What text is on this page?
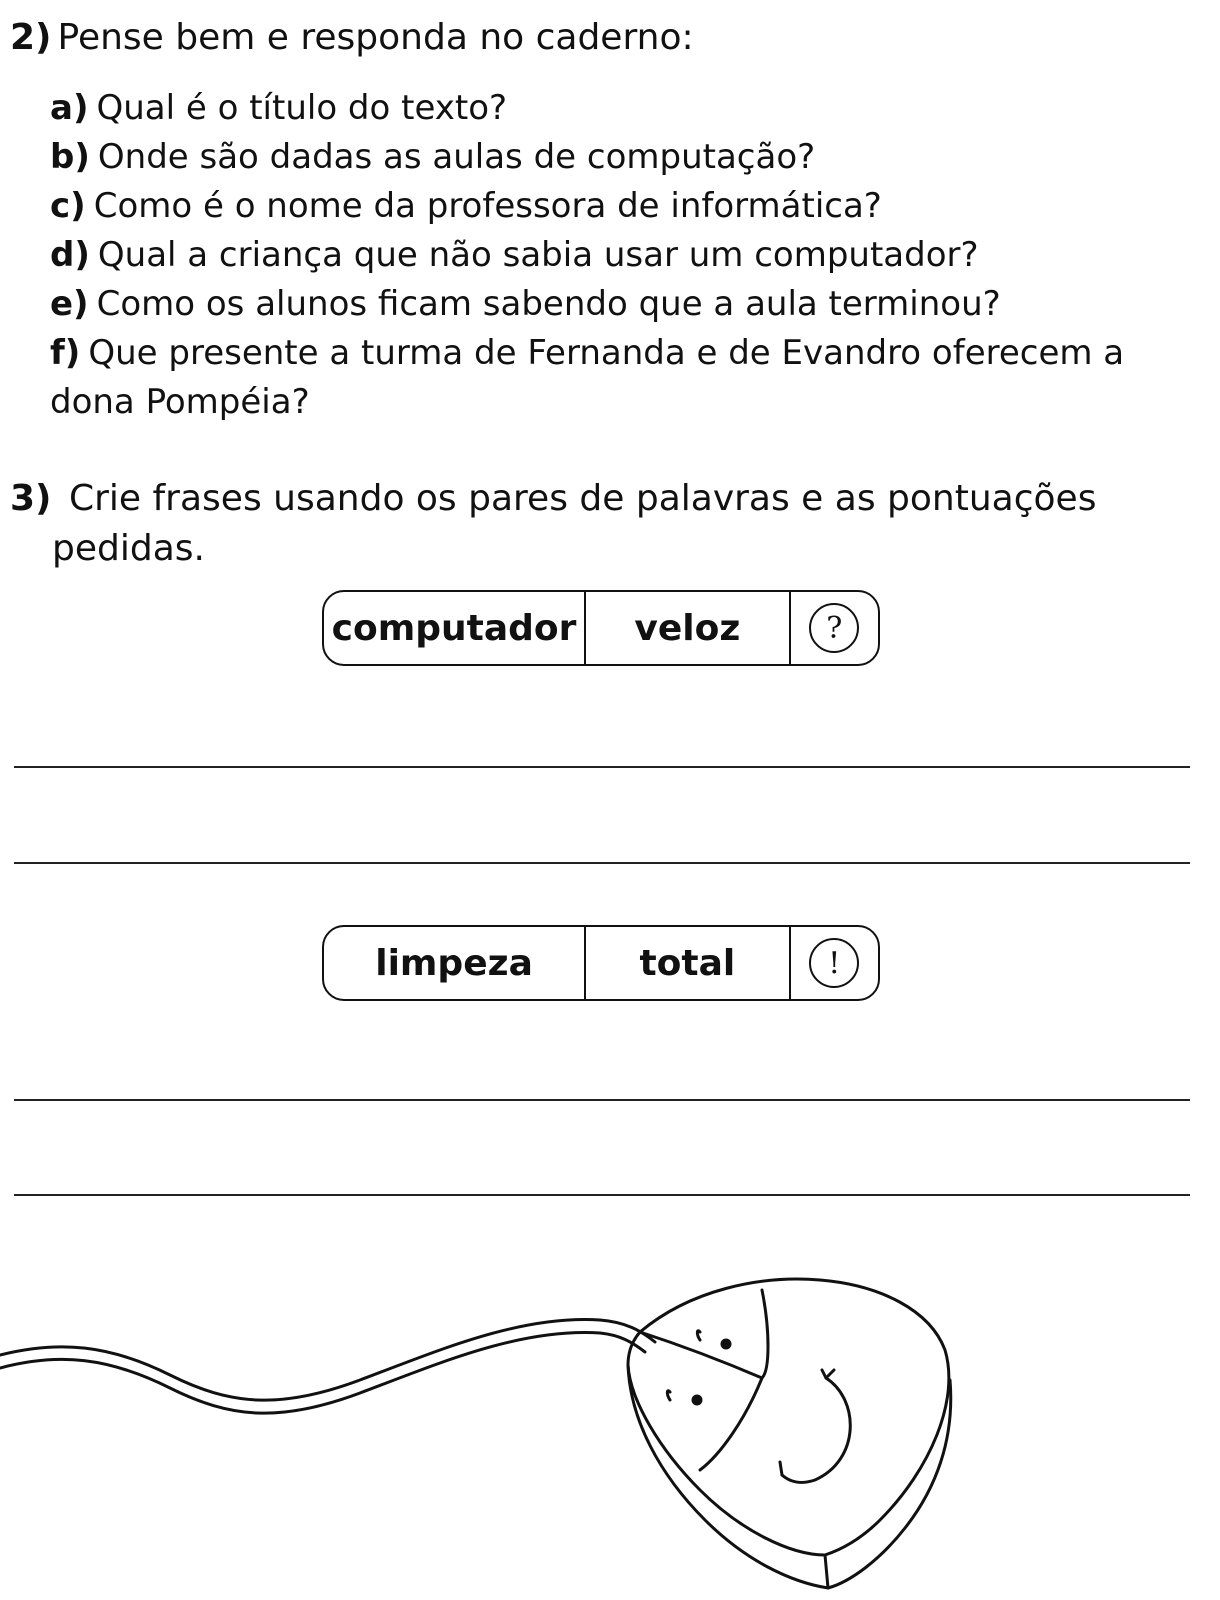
2) Pense bem e responda no caderno:
a) Qual é o título do texto?
b) Onde são dadas as aulas de computação?
c) Como é o nome da professora de informática?
d) Qual a criança que não sabia usar um computador?
e) Como os alunos ficam sabendo que a aula terminou?
f) Que presente a turma de Fernanda e de Evandro oferecem a dona Pompéia?
3) Crie frases usando os pares de palavras e as pontuações
pedidas.
computador	veloz	?
limpeza	total	!
